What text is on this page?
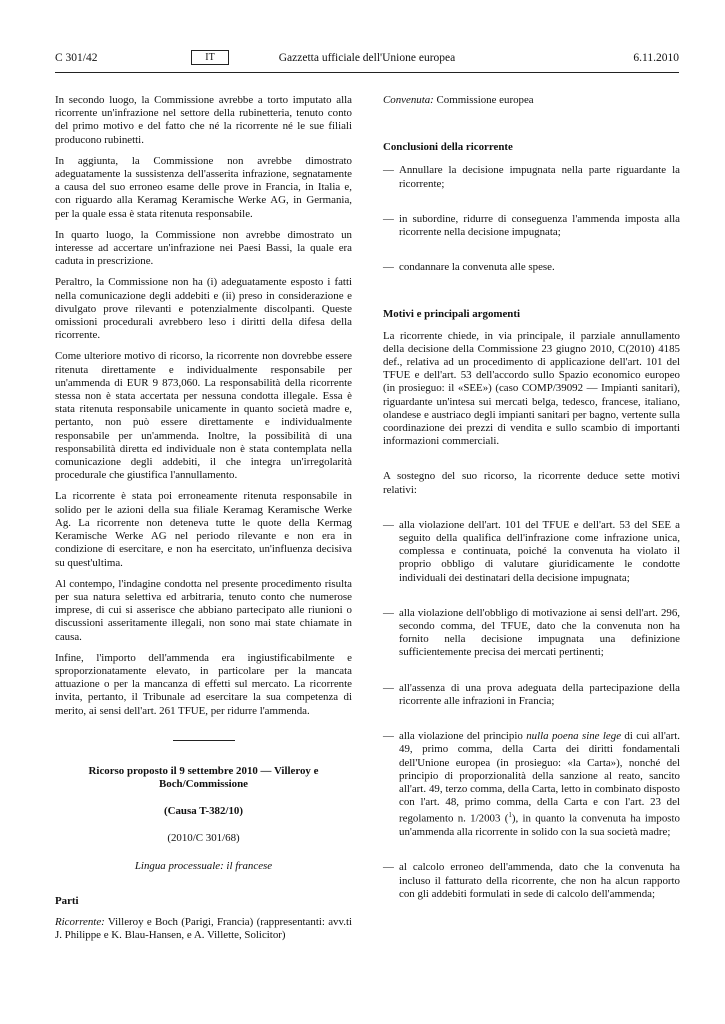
C 301/42	IT	Gazzetta ufficiale dell'Unione europea	6.11.2010

In secondo luogo, la Commissione avrebbe a torto imputato alla ricorrente un'infrazione nel settore della rubinetteria, tenuto conto del primo motivo e del fatto che né la ricorrente né le sue filiali producono rubinetti.

In aggiunta, la Commissione non avrebbe dimostrato adeguatamente la sussistenza dell'asserita infrazione, segnatamente a causa del suo erroneo esame delle prove in Francia, in Italia e, con riguardo alla Keramag Keramische Werke AG, in Germania, per la quale essa è stata ritenuta responsabile.

In quarto luogo, la Commissione non avrebbe dimostrato un interesse ad accertare un'infrazione nei Paesi Bassi, la quale era caduta in prescrizione.

Peraltro, la Commissione non ha (i) adeguatamente esposto i fatti nella comunicazione degli addebiti e (ii) preso in considerazione e divulgato prove rilevanti e potenzialmente discolpanti. Queste omissioni procedurali avrebbero leso i diritti della difesa della ricorrente.

Come ulteriore motivo di ricorso, la ricorrente non dovrebbe essere ritenuta direttamente e individualmente responsabile per un'ammenda di EUR 9 873,060. La responsabilità della ricorrente stessa non è stata accertata per nessuna condotta illegale. Essa è stata ritenuta responsabile unicamente in quanto società madre e, pertanto, non può essere direttamente e individualmente responsabile per un'ammenda. Inoltre, la possibilità di una responsabilità diretta ed individuale non è stata contemplata nella comunicazione degli addebiti, il che integra un'irregolarità procedurale che giustifica l'annullamento.

La ricorrente è stata poi erroneamente ritenuta responsabile in solido per le azioni della sua filiale Keramag Keramische Werke Ag. La ricorrente non deteneva tutte le quote della Kermag Keramische Werke AG nel periodo rilevante e non era in condizione di esercitare, e non ha esercitato, un'influenza decisiva su quest'ultima.

Al contempo, l'indagine condotta nel presente procedimento risulta per sua natura selettiva ed arbitraria, tenuto conto che numerose imprese, di cui si asserisce che abbiano partecipato alle riunioni o discussioni asseritamente illegali, non sono mai state chiamate in causa.

Infine, l'importo dell'ammenda era ingiustificabilmente e sproporzionatamente elevato, in particolare per la mancata attuazione o per la mancanza di effetti sul mercato. La ricorrente invita, pertanto, il Tribunale ad esercitare la sua competenza di merito, ai sensi dell'art. 261 TFUE, per ridurre l'ammenda.

Ricorso proposto il 9 settembre 2010 — Villeroy e Boch/Commissione

(Causa T-382/10)

(2010/C 301/68)

Lingua processuale: il francese

Parti

Ricorrente: Villeroy e Boch (Parigi, Francia) (rappresentanti: avv.ti J. Philippe e K. Blau-Hansen, e A. Villette, Solicitor)

Convenuta: Commissione europea

Conclusioni della ricorrente

— Annullare la decisione impugnata nella parte riguardante la ricorrente;
— in subordine, ridurre di conseguenza l'ammenda imposta alla ricorrente nella decisione impugnata;
— condannare la convenuta alle spese.

Motivi e principali argomenti

La ricorrente chiede, in via principale, il parziale annullamento della decisione della Commissione 23 giugno 2010, C(2010) 4185 def., relativa ad un procedimento di applicazione dell'art. 101 del TFUE e dell'art. 53 dell'accordo sullo Spazio economico europeo (in prosieguo: il «SEE») (caso COMP/39092 — Impianti sanitari), riguardante un'intesa sui mercati belga, tedesco, francese, italiano, olandese e austriaco degli impianti sanitari per bagno, vertente sulla coordinazione dei prezzi di vendita e sullo scambio di importanti informazioni commerciali.

A sostegno del suo ricorso, la ricorrente deduce sette motivi relativi:

— alla violazione dell'art. 101 del TFUE e dell'art. 53 del SEE a seguito della qualifica dell'infrazione come infrazione unica, complessa e continuata, poiché la convenuta ha violato il proprio obbligo di valutare giuridicamente le condotte individuali dei destinatari della decisione impugnata;
— alla violazione dell'obbligo di motivazione ai sensi dell'art. 296, secondo comma, del TFUE, dato che la convenuta non ha fornito nella decisione impugnata una definizione sufficientemente precisa dei mercati pertinenti;
— all'assenza di una prova adeguata della partecipazione della ricorrente alle infrazioni in Francia;
— alla violazione del principio nulla poena sine lege di cui all'art. 49, primo comma, della Carta dei diritti fondamentali dell'Unione europea (in prosieguo: «la Carta»), nonché del principio di proporzionalità della sanzione al reato, sancito all'art. 49, terzo comma, della Carta, letto in combinato disposto con l'art. 48, primo comma, della Carta e con l'art. 23 del regolamento n. 1/2003 ($^1$), in quanto la convenuta ha imposto un'ammenda alla ricorrente in solido con la sua società madre;
— al calcolo erroneo dell'ammenda, dato che la convenuta ha incluso il fatturato della ricorrente, che non ha alcun rapporto con gli addebiti formulati in sede di calcolo dell'ammenda;
